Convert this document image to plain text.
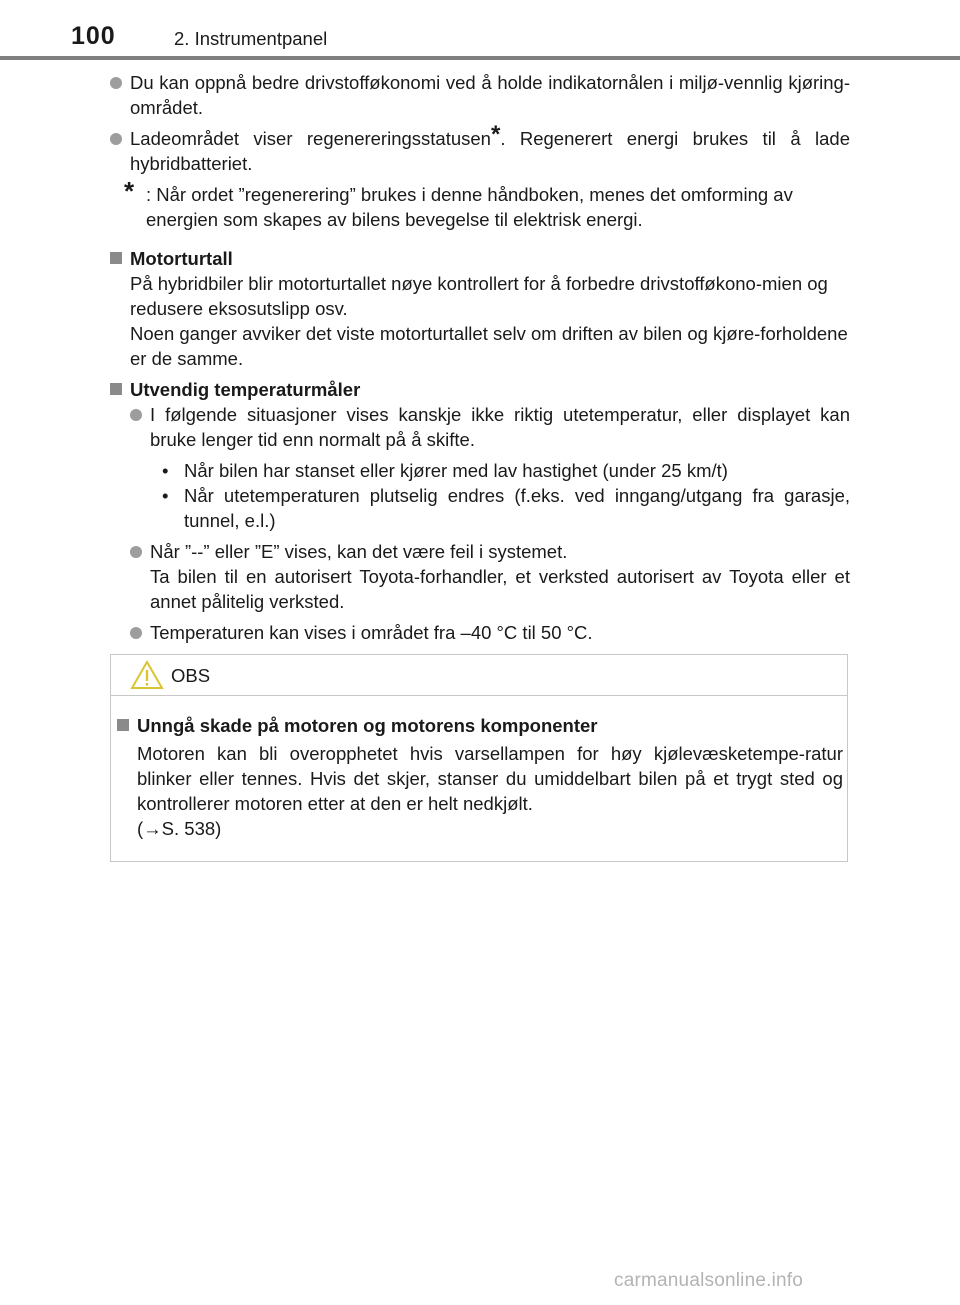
100	2. Instrumentpanel
Du kan oppnå bedre drivstofføkonomi ved å holde indikatornålen i miljø-vennlig kjøring-området.
Ladeområdet viser regenereringsstatusen*. Regenerert energi brukes til å lade hybridbatteriet.
* : Når ordet ”regenerering” brukes i denne håndboken, menes det omforming av energien som skapes av bilens bevegelse til elektrisk energi.
Motorturtall
På hybridbiler blir motorturtallet nøye kontrollert for å forbedre drivstofføkono-mien og redusere eksosutslipp osv.
Noen ganger avviker det viste motorturtallet selv om driften av bilen og kjøre-forholdene er de samme.
Utvendig temperaturmåler
I følgende situasjoner vises kanskje ikke riktig utetemperatur, eller displayet kan bruke lenger tid enn normalt på å skifte.
• Når bilen har stanset eller kjører med lav hastighet (under 25 km/t)
• Når utetemperaturen plutselig endres (f.eks. ved inngang/utgang fra garasje, tunnel, e.l.)
Når ”--” eller ”E” vises, kan det være feil i systemet.
Ta bilen til en autorisert Toyota-forhandler, et verksted autorisert av Toyota eller et annet pålitelig verksted.
Temperaturen kan vises i området fra –40 °C til 50 °C.
OBS
Unngå skade på motoren og motorens komponenter
Motoren kan bli overopphetet hvis varsellampen for høy kjølevæsketempe-ratur blinker eller tennes. Hvis det skjer, stanser du umiddelbart bilen på et trygt sted og kontrollerer motoren etter at den er helt nedkjølt.
(→S. 538)
carmanualsonline.info
